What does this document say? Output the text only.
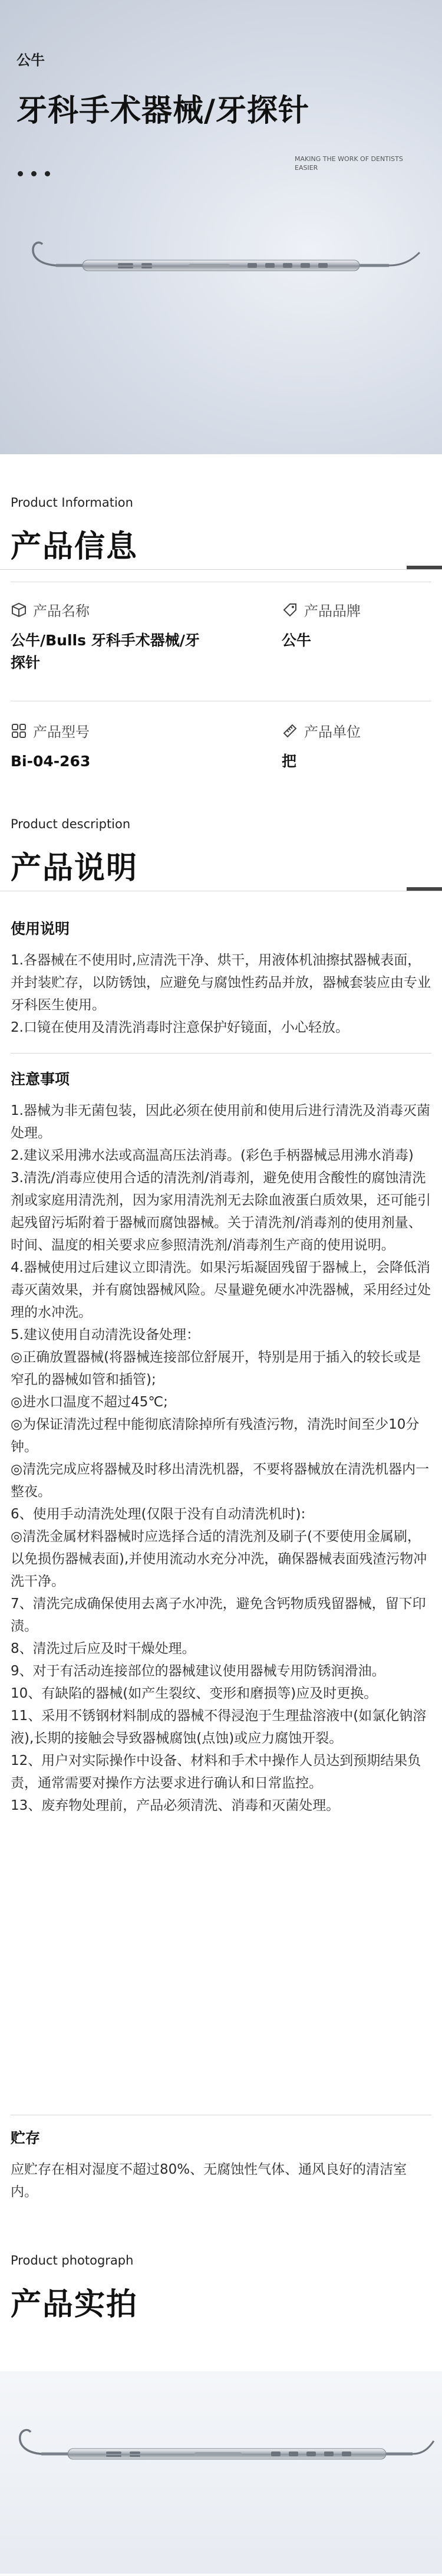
公牛
牙科手术器械/牙探针
MAKING THE WORK OF DENTISTS EASIER
Product Information
产品信息
产品名称
公牛/Bulls 牙科手术器械/牙探针
产品品牌
公牛
产品型号
Bi-04-263
产品单位
把
Product description
产品说明
使用说明

1.各器械在不使用时,应清洗干净、烘干，用液体机油擦拭器械表面，并封装贮存，以防锈蚀，应避免与腐蚀性药品并放，器械套装应由专业牙科医生使用。

2.口镜在使用及清洗消毒时注意保护好镜面，小心轻放。

注意事项

1.器械为非无菌包装，因此必须在使用前和使用后进行清洗及消毒灭菌处理。

2.建议采用沸水法或高温高压法消毒。(彩色手柄器械忌用沸水消毒)

3.清洗/消毒应使用合适的清洗剂/消毒剂，避免使用含酸性的腐蚀清洗剂或家庭用清洗剂，因为家用清洗剂无去除血液蛋白质效果，还可能引起残留污垢附着于器械而腐蚀器械。关于清洗剂/消毒剂的使用剂量、时间、温度的相关要求应参照清洗剂/消毒剂生产商的使用说明。

4.器械使用过后建议立即清洗。如果污垢凝固残留于器械上，会降低消毒灭菌效果，并有腐蚀器械风险。尽量避免硬水冲洗器械，采用经过处理的水冲洗。

5.建议使用自动清洗设备处理：

◎正确放置器械(将器械连接部位舒展开，特别是用于插入的较长或是窄孔的器械如管和插管);

◎进水口温度不超过45℃;

◎为保证清洗过程中能彻底清除掉所有残渣污物，清洗时间至少10分钟。

◎清洗完成应将器械及时移出清洗机器，不要将器械放在清洗机器内一整夜。

6、使用手动清洗处理(仅限于没有自动清洗机时):

◎清洗金属材料器械时应选择合适的清洗剂及刷子(不要使用金属刷，以免损伤器械表面),并使用流动水充分冲洗，确保器械表面残渣污物冲洗干净。

7、清洗完成确保使用去离子水冲洗，避免含钙物质残留器械，留下印渍。

8、清洗过后应及时干燥处理。

9、对于有活动连接部位的器械建议使用器械专用防锈润滑油。

10、有缺陷的器械(如产生裂纹、变形和磨损等)应及时更换。

11、采用不锈钢材料制成的器械不得浸泡于生理盐溶液中(如氯化钠溶液),长期的接触会导致器械腐蚀(点蚀)或应力腐蚀开裂。

12、用户对实际操作中设备、材料和手术中操作人员达到预期结果负责，通常需要对操作方法要求进行确认和日常监控。

13、废弃物处理前，产品必须清洗、消毒和灭菌处理。

贮存

应贮存在相对湿度不超过80%、无腐蚀性气体、通风良好的清洁室内。

Product photograph
产品实拍
